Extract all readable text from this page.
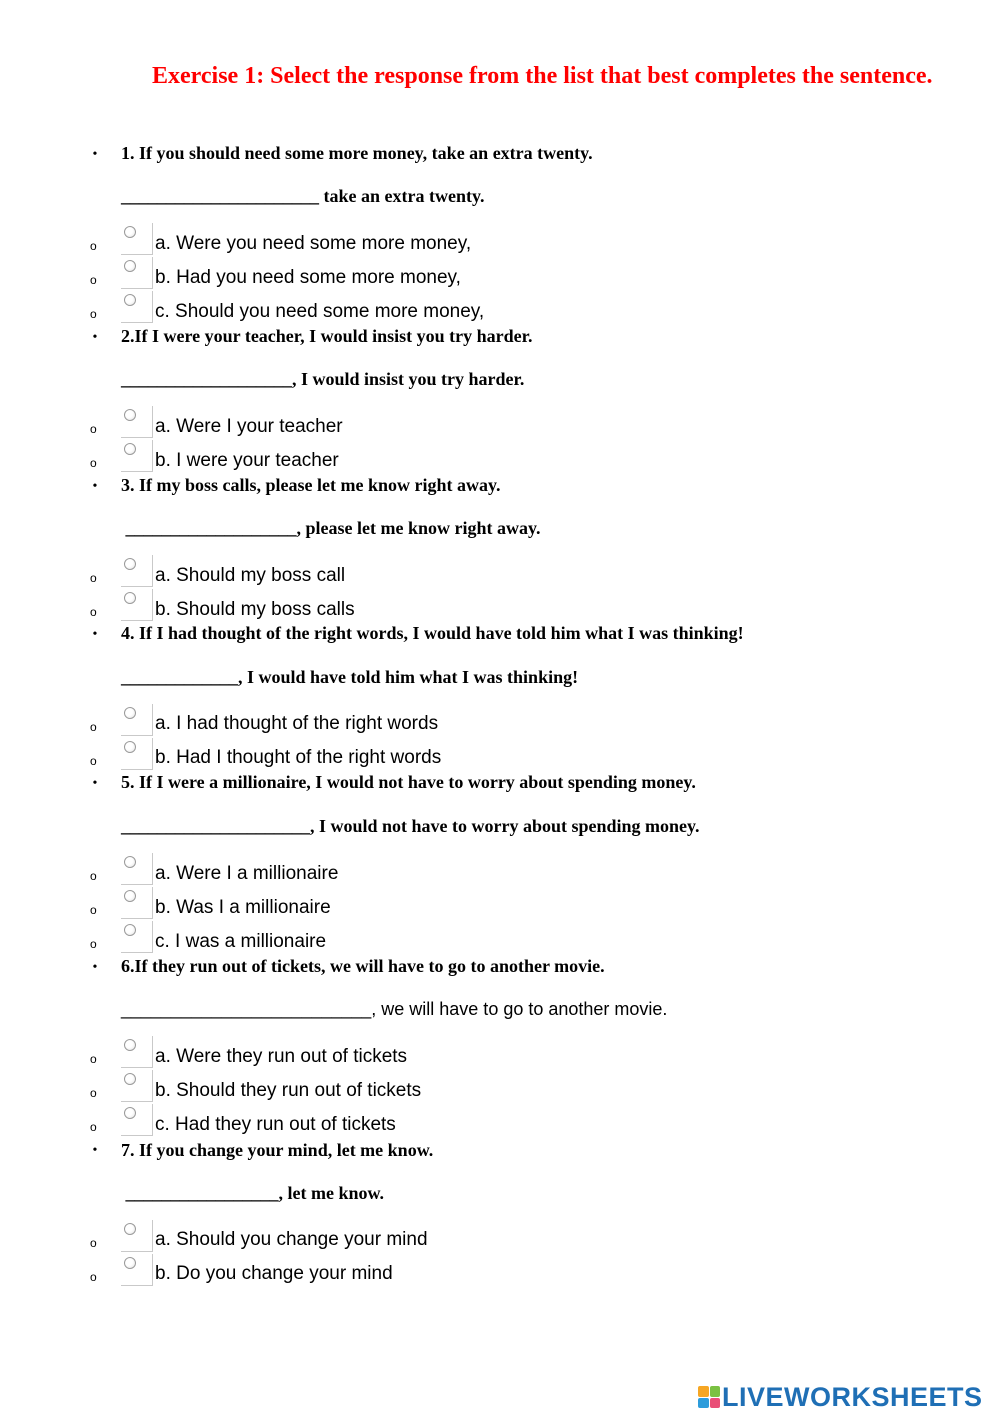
Exercise 1: Select the response from the list that best completes the sentence.
•
1. If you should need some more money, take an extra twenty.
______________________ take an extra twenty.
o
a. Were you need some more money,
o
b. Had you need some more money,
o
c. Should you need some more money,
•
2.If I were your teacher, I would insist you try harder.
___________________, I would insist you try harder.
o
a. Were I your teacher
o
b. I were your teacher
•
3. If my boss calls, please let me know right away.
___________________, please let me know right away.
o
a. Should my boss call
o
b. Should my boss calls
•
4. If I had thought of the right words, I would have told him what I was thinking!
_____________, I would have told him what I was thinking!
o
a. I had thought of the right words
o
b. Had I thought of the right words
•
5. If I were a millionaire, I would not have to worry about spending money.
_____________________, I would not have to worry about spending money.
o
a. Were I a millionaire
o
b. Was I a millionaire
o
c. I was a millionaire
•
6.If they run out of tickets, we will have to go to another movie.
_________________________, we will have to go to another movie.
o
a. Were they run out of tickets
o
b. Should they run out of tickets
o
c. Had they run out of tickets
•
7. If you change your mind, let me know.
_________________, let me know.
o
a. Should you change your mind
o
b. Do you change your mind
LIVEWORKSHEETS
